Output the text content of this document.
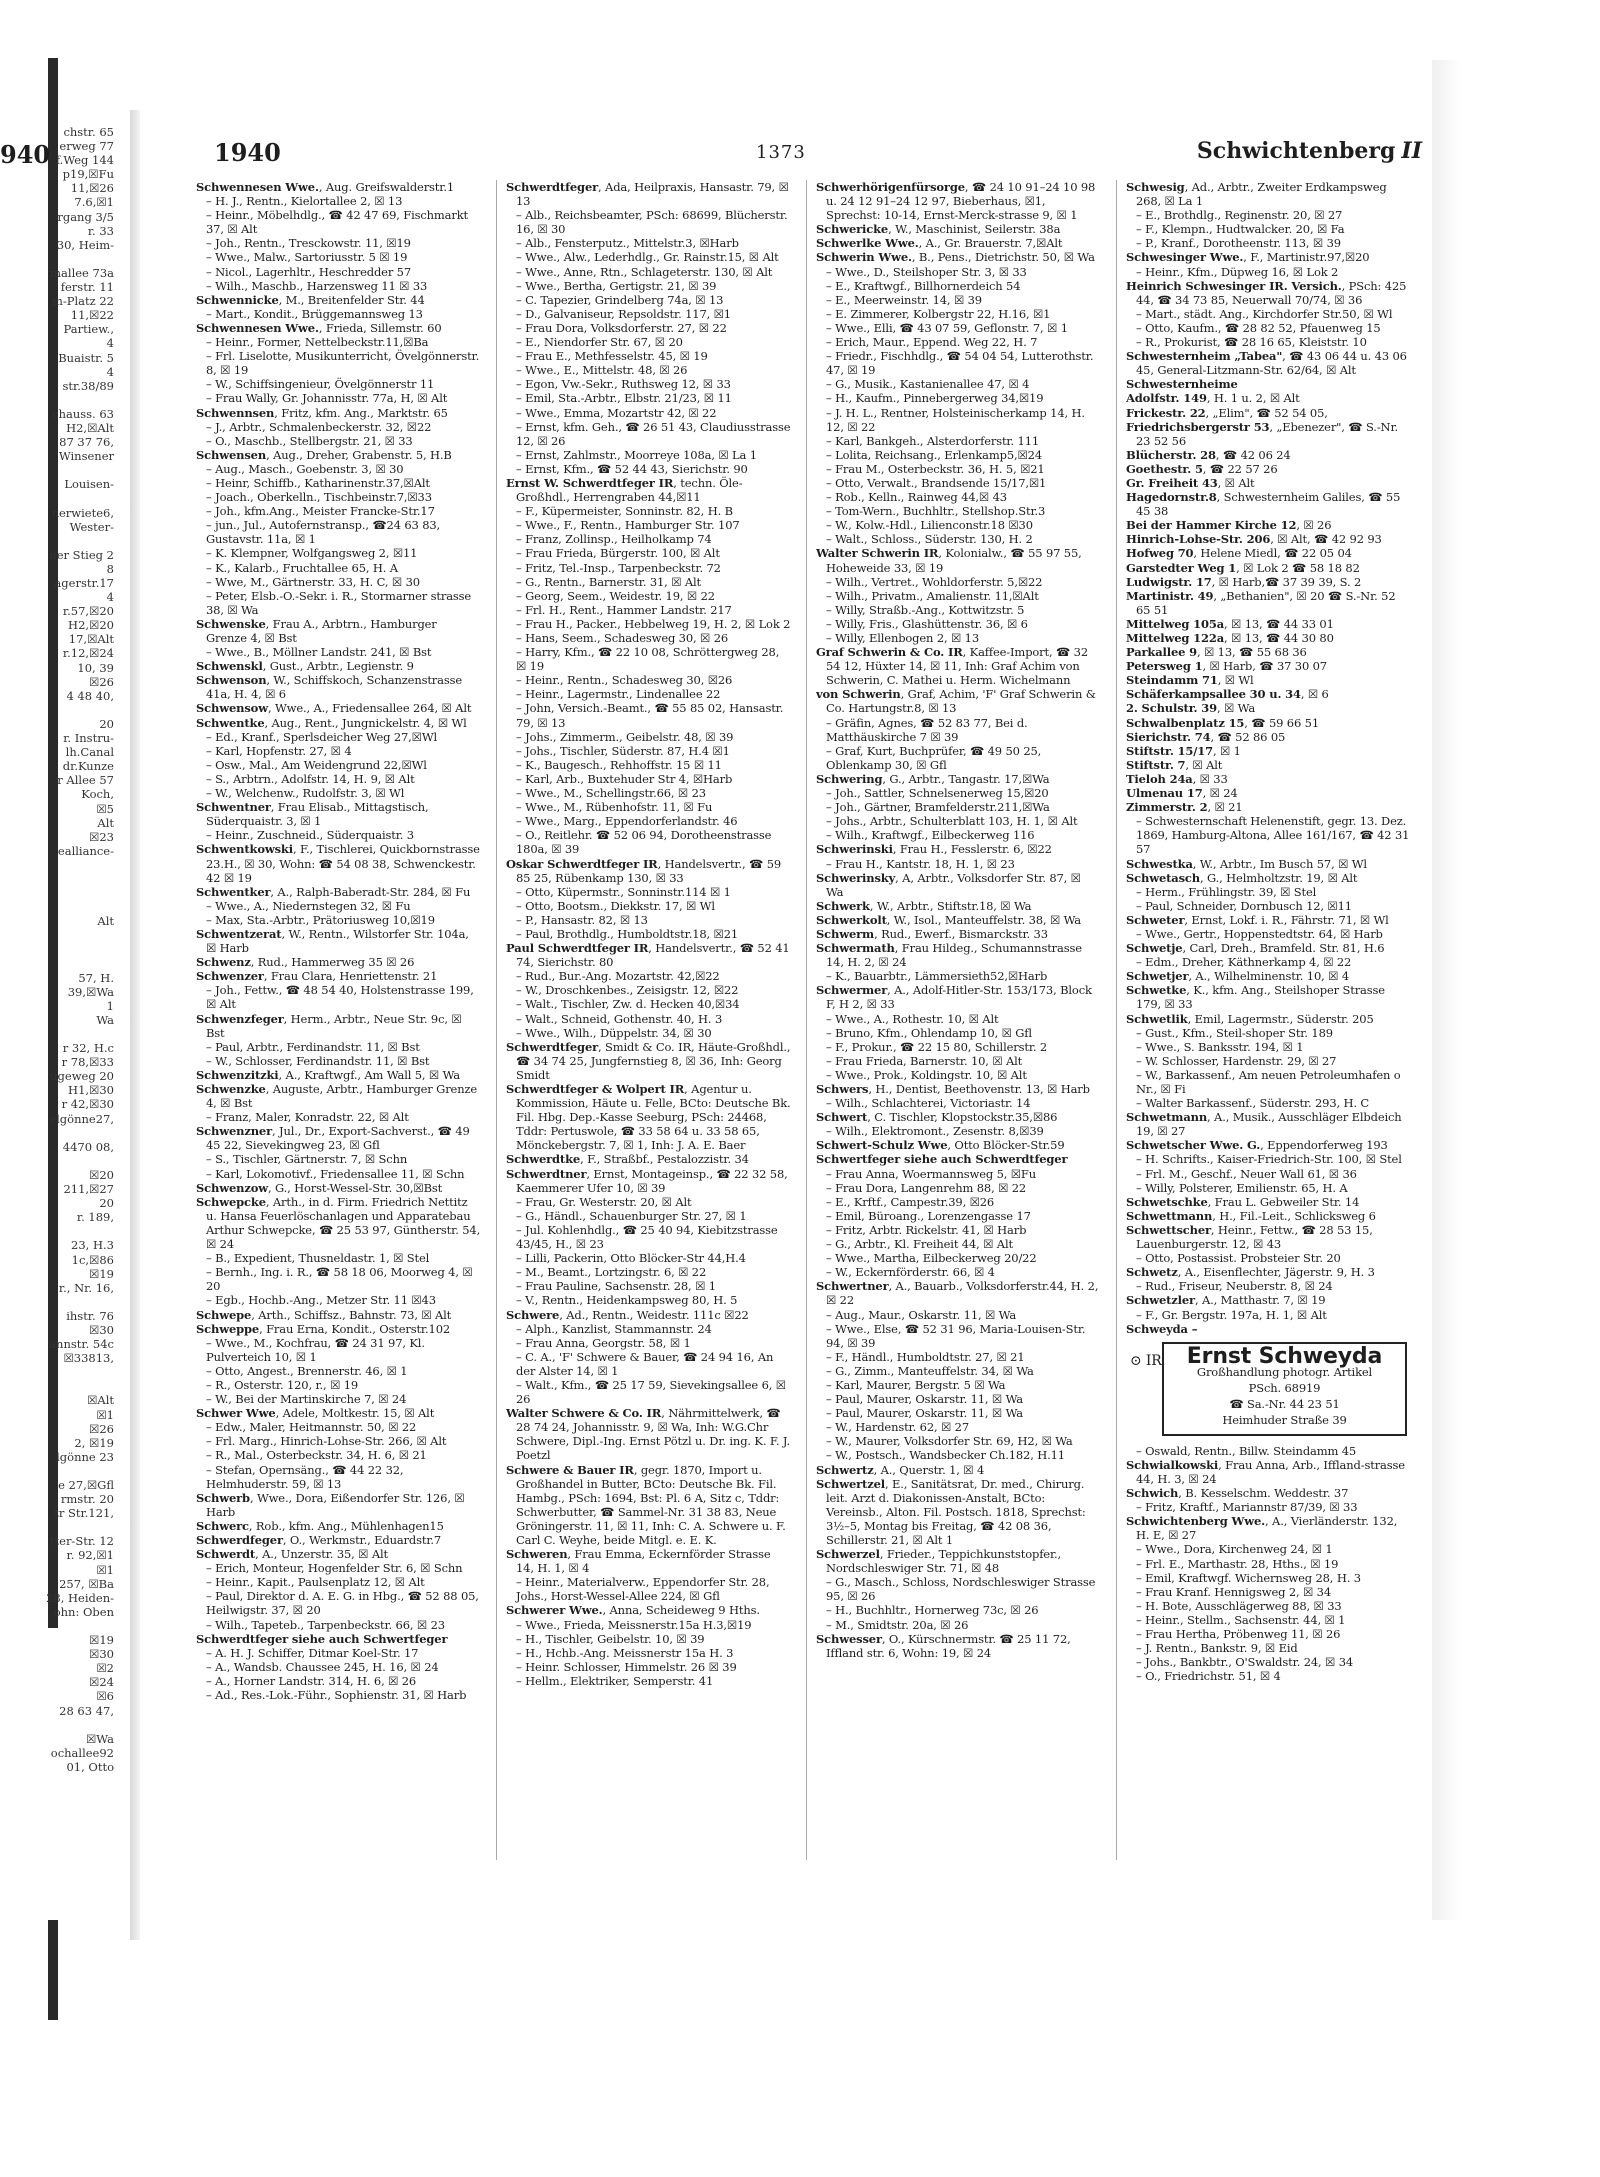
940
chstr. 65
erweg 77
f.Weg 144
p19,☒Fu
11,☒26
7.6,☒1
rgang 3/5
r. 33
30, Heim-

mallee 73a
ferstr. 11
m-Platz 22
11,☒22
Partiew.,
4
Buaistr. 5
4
str.38/89

chauss. 63
H2,☒Alt
87 37 76,
Winsener

Louisen-

nerwiete6,
Wester-

ner Stieg 2
8
agerstr.17
4
r.57,☒20
H2,☒20
17,☒Alt
r.12,☒24
10, 39
☒26
4 48 40,

20
r. Instru-
lh.Canal
dr.Kunze
r Allee 57
Koch,
☒5
Alt
☒23
ealliance-

Alt

57, H.
39,☒Wa
1
Wa

r 32, H.c
r 78,☒33
ugeweg 20
H1,☒30
r 42,☒30
elgönne27,

4470 08,

☒20
211,☒27
20
r. 189,

23, H.3
1c,☒86
☒19
r., Nr. 16,

ihstr. 76
☒30
annstr. 54c
☒33813,

☒Alt
☒1
☒26
2, ☒19
lgönne 23

e 27,☒Gfl
rmstr. 20
tr Str.121,

tter-Str. 12
r. 92,☒1
☒1
257, ☒Ba
28, Heiden-
ohn: Oben

☒19
☒30
☒2
☒24
☒6
28 63 47,

☒Wa
ochallee92
01, Otto
1940	1373	Schwichtenberg II

Schwennesen Wwe., Aug. Greifswalderstr.1

– H. J., Rentn., Kielortallee 2, ☒ 13

– Heinr., Möbelhdlg., ☎ 42 47 69, Fischmarkt 37, ☒ Alt

– Joh., Rentn., Tresckowstr. 11, ☒19

– Wwe., Malw., Sartoriusstr. 5 ☒ 19

– Nicol., Lagerhltr., Heschredder 57

– Wilh., Maschb., Harzensweg 11 ☒ 33

Schwennicke, M., Breitenfelder Str. 44

– Mart., Kondit., Brüggemannsweg 13

Schwennesen Wwe., Frieda, Sillemstr. 60

– Heinr., Former, Nettelbeckstr.11,☒Ba

– Frl. Liselotte, Musikunterricht, Övelgönnerstr. 8, ☒ 19

– W., Schiffsingenieur, Övelgönnerstr 11

– Frau Wally, Gr. Johannisstr. 77a, H, ☒ Alt

Schwennsen, Fritz, kfm. Ang., Marktstr. 65

– J., Arbtr., Schmalenbeckerstr. 32, ☒22

– O., Maschb., Stellbergstr. 21, ☒ 33

Schwensen, Aug., Dreher, Grabenstr. 5, H.B

– Aug., Masch., Goebenstr. 3, ☒ 30

– Heinr, Schiffb., Katharinenstr.37,☒Alt

– Joach., Oberkelln., Tischbeinstr.7,☒33

– Joh., kfm.Ang., Meister Francke-Str.17

– jun., Jul., Autofernstransp., ☎24 63 83, Gustavstr. 11a, ☒ 1

– K. Klempner, Wolfgangsweg 2, ☒11

– K., Kalarb., Fruchtallee 65, H. A

– Wwe, M., Gärtnerstr. 33, H. C, ☒ 30

– Peter, Elsb.-O.-Sekr. i. R., Stormarner strasse 38, ☒ Wa

Schwenske, Frau A., Arbtrn., Hamburger Grenze 4, ☒ Bst

– Wwe., B., Möllner Landstr. 241, ☒ Bst

Schwenskl, Gust., Arbtr., Legienstr. 9

Schwenson, W., Schiffskoch, Schanzenstrasse 41a, H. 4, ☒ 6

Schwensow, Wwe., A., Friedensallee 264, ☒ Alt

Schwentke, Aug., Rent., Jungnickelstr. 4, ☒ Wl

– Ed., Kranf., Sperlsdeicher Weg 27,☒Wl

– Karl, Hopfenstr. 27, ☒ 4

– Osw., Mal., Am Weidengrund 22,☒Wl

– S., Arbtrn., Adolfstr. 14, H. 9, ☒ Alt

– W., Welchenw., Rudolfstr. 3, ☒ Wl

Schwentner, Frau Elisab., Mittagstisch, Süderquaistr. 3, ☒ 1

– Heinr., Zuschneid., Süderquaistr. 3

Schwentkowski, F., Tischlerei, Quickbornstrasse 23.H., ☒ 30, Wohn: ☎ 54 08 38, Schwenckestr. 42 ☒ 19

Schwentker, A., Ralph-Baberadt-Str. 284, ☒ Fu

– Wwe., A., Niedernstegen 32, ☒ Fu

– Max, Sta.-Arbtr., Prätoriusweg 10,☒19

Schwentzerat, W., Rentn., Wilstorfer Str. 104a, ☒ Harb

Schwenz, Rud., Hammerweg 35 ☒ 26

Schwenzer, Frau Clara, Henriettenstr. 21

– Joh., Fettw., ☎ 48 54 40, Holstenstrasse 199, ☒ Alt

Schwenzfeger, Herm., Arbtr., Neue Str. 9c, ☒ Bst

– Paul, Arbtr., Ferdinandstr. 11, ☒ Bst

– W., Schlosser, Ferdinandstr. 11, ☒ Bst

Schwenzitzki, A., Kraftwgf., Am Wall 5, ☒ Wa

Schwenzke, Auguste, Arbtr., Hamburger Grenze 4, ☒ Bst

– Franz, Maler, Konradstr. 22, ☒ Alt

Schwenzner, Jul., Dr., Export-Sachverst., ☎ 49 45 22, Sievekingweg 23, ☒ Gfl

– S., Tischler, Gärtnerstr. 7, ☒ Schn

– Karl, Lokomotivf., Friedensallee 11, ☒ Schn

Schwenzow, G., Horst-Wessel-Str. 30,☒Bst

Schwepcke, Arth., in d. Firm. Friedrich Nettitz u. Hansa Feuerlöschanlagen und Apparatebau Arthur Schwepcke, ☎ 25 53 97, Güntherstr. 54, ☒ 24

– B., Expedient, Thusneldastr. 1, ☒ Stel

– Bernh., Ing. i. R., ☎ 58 18 06, Moorweg 4, ☒ 20

– Egb., Hochb.-Ang., Metzer Str. 11 ☒43

Schwepe, Arth., Schiffsz., Bahnstr. 73, ☒ Alt

Schweppe, Frau Erna, Kondit., Osterstr.102

– Wwe., M., Kochfrau, ☎ 24 31 97, Kl. Pulverteich 10, ☒ 1

– Otto, Angest., Brennerstr. 46, ☒ 1

– R., Osterstr. 120, r., ☒ 19

– W., Bei der Martinskirche 7, ☒ 24

Schwer Wwe, Adele, Moltkestr. 15, ☒ Alt

– Edw., Maler, Heitmannstr. 50, ☒ 22

– Frl. Marg., Hinrich-Lohse-Str. 266, ☒ Alt

– R., Mal., Osterbeckstr. 34, H. 6, ☒ 21

– Stefan, Opernsäng., ☎ 44 22 32, Helmhuderstr. 59, ☒ 13

Schwerb, Wwe., Dora, Eißendorfer Str. 126, ☒ Harb

Schwerc, Rob., kfm. Ang., Mühlenhagen15

Schwerdfeger, O., Werkmstr., Eduardstr.7

Schwerdt, A., Unzerstr. 35, ☒ Alt

– Erich, Monteur, Hogenfelder Str. 6, ☒ Schn

– Heinr., Kapit., Paulsenplatz 12, ☒ Alt

– Paul, Direktor d. A. E. G. in Hbg., ☎ 52 88 05, Heilwigstr. 37, ☒ 20

– Wilh., Tapeteb., Tarpenbeckstr. 66, ☒ 23

Schwerdtfeger siehe auch Schwertfeger

– A. H. J. Schiffer, Ditmar Koel-Str. 17

– A., Wandsb. Chaussee 245, H. 16, ☒ 24

– A., Horner Landstr. 314, H. 6, ☒ 26

– Ad., Res.-Lok.-Führ., Sophienstr. 31, ☒ Harb

Schwerdtfeger, Ada, Heilpraxis, Hansastr. 79, ☒ 13

– Alb., Reichsbeamter, PSch: 68699, Blücherstr. 16, ☒ 30

– Alb., Fensterputz., Mittelstr.3, ☒Harb

– Wwe., Alw., Lederhdlg., Gr. Rainstr.15, ☒ Alt

– Wwe., Anne, Rtn., Schlageterstr. 130, ☒ Alt

– Wwe., Bertha, Gertigstr. 21, ☒ 39

– C. Tapezier, Grindelberg 74a, ☒ 13

– D., Galvaniseur, Repsoldstr. 117, ☒1

– Frau Dora, Volksdorferstr. 27, ☒ 22

– E., Niendorfer Str. 67, ☒ 20

– Frau E., Methfesselstr. 45, ☒ 19

– Wwe., E., Mittelstr. 48, ☒ 26

– Egon, Vw.-Sekr., Ruthsweg 12, ☒ 33

– Emil, Sta.-Arbtr., Elbstr. 21/23, ☒ 11

– Wwe., Emma, Mozartstr 42, ☒ 22

– Ernst, kfm. Geh., ☎ 26 51 43, Claudiusstrasse 12, ☒ 26

– Ernst, Zahlmstr., Moorreye 108a, ☒ La 1

– Ernst, Kfm., ☎ 52 44 43, Sierichstr. 90

Ernst W. Schwerdtfeger IR, techn. Öle-Großhdl., Herrengraben 44,☒11

– F., Küpermeister, Sonninstr. 82, H. B

– Wwe., F., Rentn., Hamburger Str. 107

– Franz, Zollinsp., Heilholkamp 74

– Frau Frieda, Bürgerstr. 100, ☒ Alt

– Fritz, Tel.-Insp., Tarpenbeckstr. 72

– G., Rentn., Barnerstr. 31, ☒ Alt

– Georg, Seem., Weidestr. 19, ☒ 22

– Frl. H., Rent., Hammer Landstr. 217

– Frau H., Packer., Hebbelweg 19, H. 2, ☒ Lok 2

– Hans, Seem., Schadesweg 30, ☒ 26

– Harry, Kfm., ☎ 22 10 08, Schröttergweg 28, ☒ 19

– Heinr., Rentn., Schadesweg 30, ☒26

– Heinr., Lagermstr., Lindenallee 22

– John, Versich.-Beamt., ☎ 55 85 02, Hansastr. 79, ☒ 13

– Johs., Zimmerm., Geibelstr. 48, ☒ 39

– Johs., Tischler, Süderstr. 87, H.4 ☒1

– K., Baugesch., Rehhoffstr. 15 ☒ 11

– Karl, Arb., Buxtehuder Str 4, ☒Harb

– Wwe., M., Schellingstr.66, ☒ 23

– Wwe., M., Rübenhofstr. 11, ☒ Fu

– Wwe., Marg., Eppendorferlandstr. 46

– O., Reitlehr. ☎ 52 06 94, Dorotheenstrasse 180a, ☒ 39

Oskar Schwerdtfeger IR, Handelsvertr., ☎ 59 85 25, Rübenkamp 130, ☒ 33

– Otto, Küpermstr., Sonninstr.114 ☒ 1

– Otto, Bootsm., Diekkstr. 17, ☒ Wl

– P., Hansastr. 82, ☒ 13

– Paul, Brothdlg., Humboldtstr.18, ☒21

Paul Schwerdtfeger IR, Handelsvertr., ☎ 52 41 74, Sierichstr. 80

– Rud., Bur.-Ang. Mozartstr. 42,☒22

– W., Droschkenbes., Zeisigstr. 12, ☒22

– Walt., Tischler, Zw. d. Hecken 40,☒34

– Walt., Schneid, Gothenstr. 40, H. 3

– Wwe., Wilh., Düppelstr. 34, ☒ 30

Schwerdtfeger, Smidt & Co. IR, Häute-Großhdl., ☎ 34 74 25, Jungfernstieg 8, ☒ 36, Inh: Georg Smidt

Schwerdtfeger & Wolpert IR, Agentur u. Kommission, Häute u. Felle, BCto: Deutsche Bk. Fil. Hbg. Dep.-Kasse Seeburg, PSch: 24468, Tddr: Pertuswole, ☎ 33 58 64 u. 33 58 65, Mönckebergstr. 7, ☒ 1, Inh: J. A. E. Baer

Schwerdtke, F., Straßbf., Pestalozzistr. 34

Schwerdtner, Ernst, Montageinsp., ☎ 22 32 58, Kaemmerer Ufer 10, ☒ 39

– Frau, Gr. Westerstr. 20, ☒ Alt

– G., Händl., Schauenburger Str. 27, ☒ 1

– Jul. Kohlenhdlg., ☎ 25 40 94, Kiebitzstrasse 43/45, H., ☒ 23

– Lilli, Packerin, Otto Blöcker-Str 44,H.4

– M., Beamt., Lortzingstr. 6, ☒ 22

– Frau Pauline, Sachsenstr. 28, ☒ 1

– V., Rentn., Heidenkampsweg 80, H. 5

Schwere, Ad., Rentn., Weidestr. 111c ☒22

– Alph., Kanzlist, Stammannstr. 24

– Frau Anna, Georgstr. 58, ☒ 1

– C. A., 'F' Schwere & Bauer, ☎ 24 94 16, An der Alster 14, ☒ 1

– Walt., Kfm., ☎ 25 17 59, Sievekingsallee 6, ☒ 26

Walter Schwere & Co. IR, Nährmittelwerk, ☎ 28 74 24, Johannisstr. 9, ☒ Wa, Inh: W.G.Chr Schwere, Dipl.-Ing. Ernst Pötzl u. Dr. ing. K. F. J. Poetzl

Schwere & Bauer IR, gegr. 1870, Import u. Großhandel in Butter, BCto: Deutsche Bk. Fil. Hambg., PSch: 1694, Bst: Pl. 6 A, Sitz c, Tddr: Schwerbutter, ☎ Sammel-Nr. 31 38 83, Neue Gröningerstr. 11, ☒ 11, Inh: C. A. Schwere u. F. Carl C. Weyhe, beide Mitgl. e. E. K.

Schweren, Frau Emma, Eckernförder Strasse 14, H. 1, ☒ 4

– Heinr., Materialverw., Eppendorfer Str. 28, Johs., Horst-Wessel-Allee 224, ☒ Gfl

Schwerer Wwe., Anna, Scheideweg 9 Hths.

– Wwe., Frieda, Meissnerstr.15a H.3,☒19

– H., Tischler, Geibelstr. 10, ☒ 39

– H., Hchb.-Ang. Meissnerstr 15a H. 3

– Heinr. Schlosser, Himmelstr. 26 ☒ 39

– Hellm., Elektriker, Semperstr. 41

Schwerhörigenfürsorge, ☎ 24 10 91–24 10 98 u. 24 12 91–24 12 97, Bieberhaus, ☒1, Sprechst: 10-14, Ernst-Merck-strasse 9, ☒ 1

Schwericke, W., Maschinist, Seilerstr. 38a

Schwerlke Wwe., A., Gr. Brauerstr. 7,☒Alt

Schwerin Wwe., B., Pens., Dietrichstr. 50, ☒ Wa

– Wwe., D., Steilshoper Str. 3, ☒ 33

– E., Kraftwgf., Billhornerdeich 54

– E., Meerweinstr. 14, ☒ 39

– E. Zimmerer, Kolbergstr 22, H.16, ☒1

– Wwe., Elli, ☎ 43 07 59, Geflonstr. 7, ☒ 1

– Erich, Maur., Eppend. Weg 22, H. 7

– Friedr., Fischhdlg., ☎ 54 04 54, Lutterothstr. 47, ☒ 19

– G., Musik., Kastanienallee 47, ☒ 4

– H., Kaufm., Pinnebergerweg 34,☒19

– J. H. L., Rentner, Holsteinischerkamp 14, H. 12, ☒ 22

– Karl, Bankgeh., Alsterdorferstr. 111

– Lolita, Reichsang., Erlenkamp5,☒24

– Frau M., Osterbeckstr. 36, H. 5, ☒21

– Otto, Verwalt., Brandsende 15/17,☒1

– Rob., Kelln., Rainweg 44,☒ 43

– Tom-Wern., Buchhltr., Stellshop.Str.3

– W., Kolw.-Hdl., Lilienconstr.18 ☒30

– Walt., Schloss., Süderstr. 130, H. 2

Walter Schwerin IR, Kolonialw., ☎ 55 97 55, Hoheweide 33, ☒ 19

– Wilh., Vertret., Wohldorferstr. 5,☒22

– Wilh., Privatm., Amalienstr. 11,☒Alt

– Willy, Straßb.-Ang., Kottwitzstr. 5

– Willy, Fris., Glashüttenstr. 36, ☒ 6

– Willy, Ellenbogen 2, ☒ 13

Graf Schwerin & Co. IR, Kaffee-Import, ☎ 32 54 12, Hüxter 14, ☒ 11, Inh: Graf Achim von Schwerin, C. Mathei u. Herm. Wichelmann

von Schwerin, Graf, Achim, 'F' Graf Schwerin & Co. Hartungstr.8, ☒ 13

– Gräfin, Agnes, ☎ 52 83 77, Bei d. Matthäuskirche 7 ☒ 39

– Graf, Kurt, Buchprüfer, ☎ 49 50 25, Oblenkamp 30, ☒ Gfl

Schwering, G., Arbtr., Tangastr. 17,☒Wa

– Joh., Sattler, Schnelsenerweg 15,☒20

– Joh., Gärtner, Bramfelderstr.211,☒Wa

– Johs., Arbtr., Schulterblatt 103, H. 1, ☒ Alt

– Wilh., Kraftwgf., Eilbeckerweg 116

Schwerinski, Frau H., Fesslerstr. 6, ☒22

– Frau H., Kantstr. 18, H. 1, ☒ 23

Schwerinsky, A, Arbtr., Volksdorfer Str. 87, ☒ Wa

Schwerk, W., Arbtr., Stiftstr.18, ☒ Wa

Schwerkolt, W., Isol., Manteuffelstr. 38, ☒ Wa

Schwerm, Rud., Ewerf., Bismarckstr. 33

Schwermath, Frau Hildeg., Schumannstrasse 14, H. 2, ☒ 24

– K., Bauarbtr., Lämmersieth52,☒Harb

Schwermer, A., Adolf-Hitler-Str. 153/173, Block F, H 2, ☒ 33

– Wwe., A., Rothestr. 10, ☒ Alt

– Bruno, Kfm., Ohlendamp 10, ☒ Gfl

– F., Prokur., ☎ 22 15 80, Schillerstr. 2

– Frau Frieda, Barnerstr. 10, ☒ Alt

– Wwe., Prok., Koldingstr. 10, ☒ Alt

Schwers, H., Dentist, Beethovenstr. 13, ☒ Harb

– Wilh., Schlachterei, Victoriastr. 14

Schwert, C. Tischler, Klopstockstr.35,☒86

– Wilh., Elektromont., Zesenstr. 8,☒39

Schwert-Schulz Wwe, Otto Blöcker-Str.59

Schwertfeger siehe auch Schwerdtfeger

– Frau Anna, Woermannsweg 5, ☒Fu

– Frau Dora, Langenrehm 88, ☒ 22

– E., Krftf., Campestr.39, ☒26

– Emil, Büroang., Lorenzengasse 17

– Fritz, Arbtr. Rickelstr. 41, ☒ Harb

– G., Arbtr., Kl. Freiheit 44, ☒ Alt

– Wwe., Martha, Eilbeckerweg 20/22

– W., Eckernförderstr. 66, ☒ 4

Schwertner, A., Bauarb., Volksdorferstr.44, H. 2, ☒ 22

– Aug., Maur., Oskarstr. 11, ☒ Wa

– Wwe., Else, ☎ 52 31 96, Maria-Louisen-Str. 94, ☒ 39

– F., Händl., Humboldtstr. 27, ☒ 21

– G., Zimm., Manteuffelstr. 34, ☒ Wa

– Karl, Maurer, Bergstr. 5 ☒ Wa

– Paul, Maurer, Oskarstr. 11, ☒ Wa

– Paul, Maurer, Oskarstr. 11, ☒ Wa

– W., Hardenstr. 62, ☒ 27

– W., Maurer, Volksdorfer Str. 69, H2, ☒ Wa

– W., Postsch., Wandsbecker Ch.182, H.11

Schwertz, A., Querstr. 1, ☒ 4

Schwertzel, E., Sanitätsrat, Dr. med., Chirurg. leit. Arzt d. Diakonissen-Anstalt, BCto: Vereinsb., Alton. Fil. Postsch. 1818, Sprechst: 3½–5, Montag bis Freitag, ☎ 42 08 36, Schillerstr. 21, ☒ Alt 1

Schwerzel, Frieder., Teppichkunststopfer., Nordschleswiger Str. 71, ☒ 48

– G., Masch., Schloss, Nordschleswiger Strasse 95, ☒ 26

– H., Buchhltr., Hornerweg 73c, ☒ 26

– M., Smidtstr. 20a, ☒ 26

Schwesser, O., Kürschnermstr. ☎ 25 11 72, Iffland str. 6, Wohn: 19, ☒ 24

Schwesig, Ad., Arbtr., Zweiter Erdkampsweg 268, ☒ La 1

– E., Brothdlg., Reginenstr. 20, ☒ 27

– F., Klempn., Hudtwalcker. 20, ☒ Fa

– P., Kranf., Dorotheenstr. 113, ☒ 39

Schwesinger Wwe., F., Martinistr.97,☒20

– Heinr., Kfm., Düpweg 16, ☒ Lok 2

Heinrich Schwesinger IR. Versich., PSch: 425 44, ☎ 34 73 85, Neuerwall 70/74, ☒ 36

– Mart., städt. Ang., Kirchdorfer Str.50, ☒ Wl

– Otto, Kaufm., ☎ 28 82 52, Pfauenweg 15

– R., Prokurist, ☎ 28 16 65, Kleiststr. 10

Schwesternheim „Tabea", ☎ 43 06 44 u. 43 06 45, General-Litzmann-Str. 62/64, ☒ Alt

Schwesternheime

Adolfstr. 149, H. 1 u. 2, ☒ Alt

Frickestr. 22, „Elim", ☎ 52 54 05,

Friedrichsbergerstr 53, „Ebenezer", ☎ S.-Nr. 23 52 56

Blücherstr. 28, ☎ 42 06 24

Goethestr. 5, ☎ 22 57 26

Gr. Freiheit 43, ☒ Alt

Hagedornstr.8, Schwesternheim Galiles, ☎ 55 45 38

Bei der Hammer Kirche 12, ☒ 26

Hinrich-Lohse-Str. 206, ☒ Alt, ☎ 42 92 93

Hofweg 70, Helene Miedl, ☎ 22 05 04

Garstedter Weg 1, ☒ Lok 2 ☎ 58 18 82

Ludwigstr. 17, ☒ Harb,☎ 37 39 39, S. 2

Martinistr. 49, „Bethanien", ☒ 20 ☎ S.-Nr. 52 65 51

Mittelweg 105a, ☒ 13, ☎ 44 33 01

Mittelweg 122a, ☒ 13, ☎ 44 30 80

Parkallee 9, ☒ 13, ☎ 55 68 36

Petersweg 1, ☒ Harb, ☎ 37 30 07

Steindamm 71, ☒ Wl

Schäferkampsallee 30 u. 34, ☒ 6

2. Schulstr. 39, ☒ Wa

Schwalbenplatz 15, ☎ 59 66 51

Sierichstr. 74, ☎ 52 86 05

Stiftstr. 15/17, ☒ 1

Stiftstr. 7, ☒ Alt

Tieloh 24a, ☒ 33

Ulmenau 17, ☒ 24

Zimmerstr. 2, ☒ 21

– Schwesternschaft Helenenstift, gegr. 13. Dez. 1869, Hamburg-Altona, Allee 161/167, ☎ 42 31 57

Schwestka, W., Arbtr., Im Busch 57, ☒ Wl

Schwetasch, G., Helmholtzstr. 19, ☒ Alt

– Herm., Frühlingstr. 39, ☒ Stel

– Paul, Schneider, Dornbusch 12, ☒11

Schweter, Ernst, Lokf. i. R., Fährstr. 71, ☒ Wl

– Wwe., Gertr., Hoppenstedtstr. 64, ☒ Harb

Schwetje, Carl, Dreh., Bramfeld. Str. 81, H.6

– Edm., Dreher, Käthnerkamp 4, ☒ 22

Schwetjer, A., Wilhelminenstr. 10, ☒ 4

Schwetke, K., kfm. Ang., Steilshoper Strasse 179, ☒ 33

Schwetlik, Emil, Lagermstr., Süderstr. 205

– Gust., Kfm., Steil-shoper Str. 189

– Wwe., S. Banksstr. 194, ☒ 1

– W. Schlosser, Hardenstr. 29, ☒ 27

– W., Barkassenf., Am neuen Petroleumhafen o Nr., ☒ Fi

– Walter Barkassenf., Süderstr. 293, H. C

Schwetmann, A., Musik., Ausschläger Elbdeich 19, ☒ 27

Schwetscher Wwe. G., Eppendorferweg 193

– H. Schrifts., Kaiser-Friedrich-Str. 100, ☒ Stel

– Frl. M., Geschf., Neuer Wall 61, ☒ 36

– Willy, Polsterer, Emilienstr. 65, H. A

Schwetschke, Frau L. Gebweiler Str. 14

Schwettmann, H., Fil.-Leit., Schlicksweg 6

Schwettscher, Heinr., Fettw., ☎ 28 53 15, Lauenburgerstr. 12, ☒ 43

– Otto, Postassist. Probsteier Str. 20

Schwetz, A., Eisenflechter, Jägerstr. 9, H. 3

– Rud., Friseur, Neuberstr. 8, ☒ 24

Schwetzler, A., Matthastr. 7, ☒ 19

– F., Gr. Bergstr. 197a, H. 1, ☒ Alt

Schweyda –

⊙ IR	Ernst Schweyda
Großhandlung photogr. Artikel
PSch. 68919
☎ Sa.-Nr. 44 23 51
Heimhuder Straße 39

– Oswald, Rentn., Billw. Steindamm 45

Schwialkowski, Frau Anna, Arb., Iffland-strasse 44, H. 3, ☒ 24

Schwich, B. Kesselschm. Weddestr. 37

– Fritz, Kraftf., Mariannstr 87/39, ☒ 33

Schwichtenberg Wwe., A., Vierländerstr. 132, H. E, ☒ 27

– Wwe., Dora, Kirchenweg 24, ☒ 1

– Frl. E., Marthastr. 28, Hths., ☒ 19

– Emil, Kraftwgf. Wichernsweg 28, H. 3

– Frau Kranf. Hennigsweg 2, ☒ 34

– H. Bote, Ausschlägerweg 88, ☒ 33

– Heinr., Stellm., Sachsenstr. 44, ☒ 1

– Frau Hertha, Pröbenweg 11, ☒ 26

– J. Rentn., Bankstr. 9, ☒ Eid

– Johs., Bankbtr., O'Swaldstr. 24, ☒ 34

– O., Friedrichstr. 51, ☒ 4
